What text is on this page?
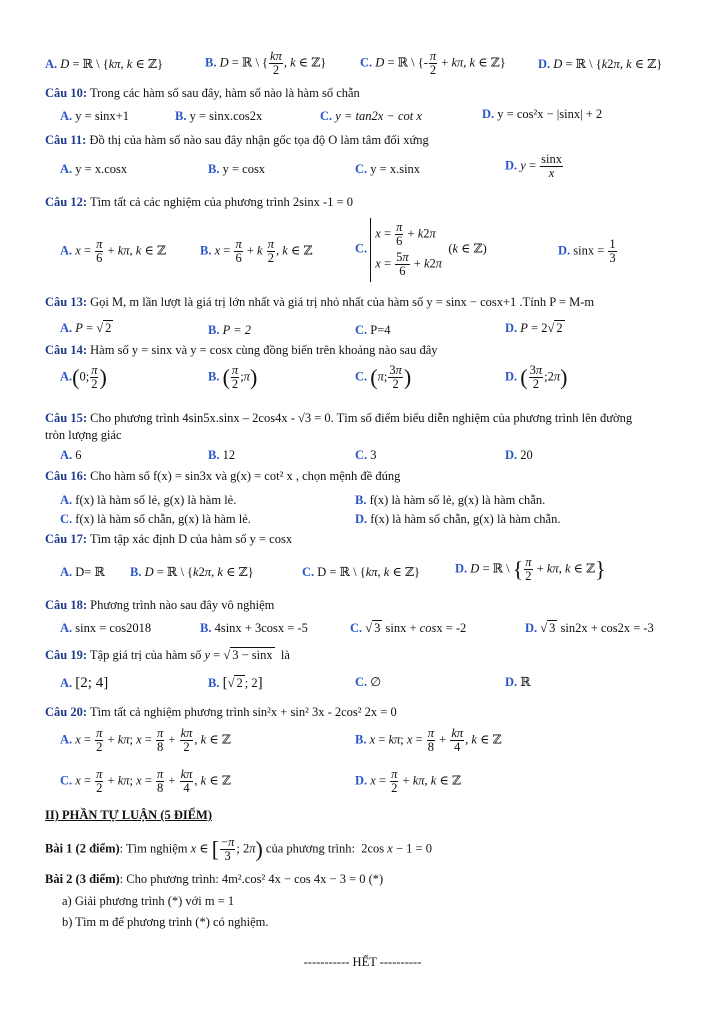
A. D = ℝ \ {kπ, k ∈ ℤ}	B. D = ℝ \ { $\frac{k\pi}{2}$ , k ∈ ℤ}	C. D = ℝ \ {- $\frac{\pi}{2} + k\pi$, k ∈ ℤ}	D. D = ℝ \ {k2π, k ∈ ℤ}
Câu 10: Trong các hàm số sau đây, hàm số nào là hàm số chẵn
A. y = sinx+1	B. y = sinx.cos2x	C. y = tan2x − cot x	D. y = cos²x − |sinx| + 2
Câu 11: Đồ thị của hàm số nào sau đây nhận gốc tọa độ O làm tâm đối xứng
A. y = x.cosx	B. y = cosx	C. y = x.sinx	D. $y = \frac{\sin x}{x}$
Câu 12: Tìm tất cả các nghiệm của phương trình 2sinx -1 = 0
A. $x = \frac{\pi}{6} + k\pi$, k ∈ ℤ	B. $x = \frac{\pi}{6} + k \frac{\pi}{2}$ , k ∈ ℤ	C.
$x = \frac{\pi}{6} + k2\pi$
$x = \frac{5\pi}{6} + k2\pi$
(k ∈ ℤ)	D. $\sin x = \frac{1}{3}$
Câu 13: Gọi M, m lần lượt là giá trị lớn nhất và giá trị nhỏ nhất của hàm số y = sinx − cosx+1 .Tính P = M-m
A. P = √ 2	B. P = 2	C. P=4	D. P = 2√ 2
Câu 14: Hàm số y = sinx và y = cosx cùng đồng biến trên khoảng nào sau đây
A.(0; $\frac{\pi}{2}$ )	B. ( $\frac{\pi}{2}$ ;π)	C. (π; $\frac{3\pi}{2}$ )	D. ( $\frac{3\pi}{2}$ ;2π)
Câu 15: Cho phương trình 4sin5x.sinx – 2cos4x - √3 = 0. Tìm số điểm biểu diễn nghiệm của phương trình lên đường
tròn lượng giác
A. 6	B. 12	C. 3	D. 20
Câu 16: Cho hàm số f(x) = sin3x và g(x) = cot² x , chọn mệnh đề đúng
A. f(x) là hàm số lẻ, g(x) là hàm lẻ.	B. f(x) là hàm số lẻ, g(x) là hàm chẵn.
C. f(x) là hàm số chẵn, g(x) là hàm lẻ.	D. f(x) là hàm số chẵn, g(x) là hàm chẵn.
Câu 17: Tìm tập xác định D của hàm số y = cosx
A. D= ℝ B. D = ℝ \ {k2π, k ∈ ℤ}	C. D = ℝ \ {kπ, k ∈ ℤ}	D. D = ℝ \ { $\frac{\pi}{2} + k\pi$, k ∈ ℤ}
Câu 18: Phương trình nào sau đây vô nghiệm
A. sinx = cos2018	B. 4sinx + 3cosx = -5	C. √ 3 sinx + cosx = -2	D. √ 3 sin2x + cos2x = -3
Câu 19: Tập giá trị của hàm số y = √ 3 − sinx  là
A. [2; 4]	B. [√ 2 ; 2]	C. ∅	D. ℝ
Câu 20: Tìm tất cả nghiệm phương trình sin²x + sin² 3x - 2cos² 2x = 0
A. $x = \frac{\pi}{2} + k\pi$; $x = \frac{\pi}{8} + \frac{k\pi}{2}$ , k ∈ ℤ	B. x = kπ; $x = \frac{\pi}{8} + \frac{k\pi}{4}$ , k ∈ ℤ
C. $x = \frac{\pi}{2} + k\pi$; $x = \frac{\pi}{8} + \frac{k\pi}{4}$ , k ∈ ℤ	D. $x = \frac{\pi}{2} + k\pi$, k ∈ ℤ
II) PHẦN TỰ LUẬN (5 ĐIỂM)
Bài 1 (2 điểm): Tìm nghiệm x ∈ [ $\frac{-\pi}{3}$ ; 2π) của phương trình:  2cos x − 1 = 0
Bài 2 (3 điểm): Cho phương trình: 4m².cos² 4x − cos 4x − 3 = 0 (*)
a) Giải phương trình (*) với m = 1
b) Tìm m để phương trình (*) có nghiệm.
----------- HẾT ----------
